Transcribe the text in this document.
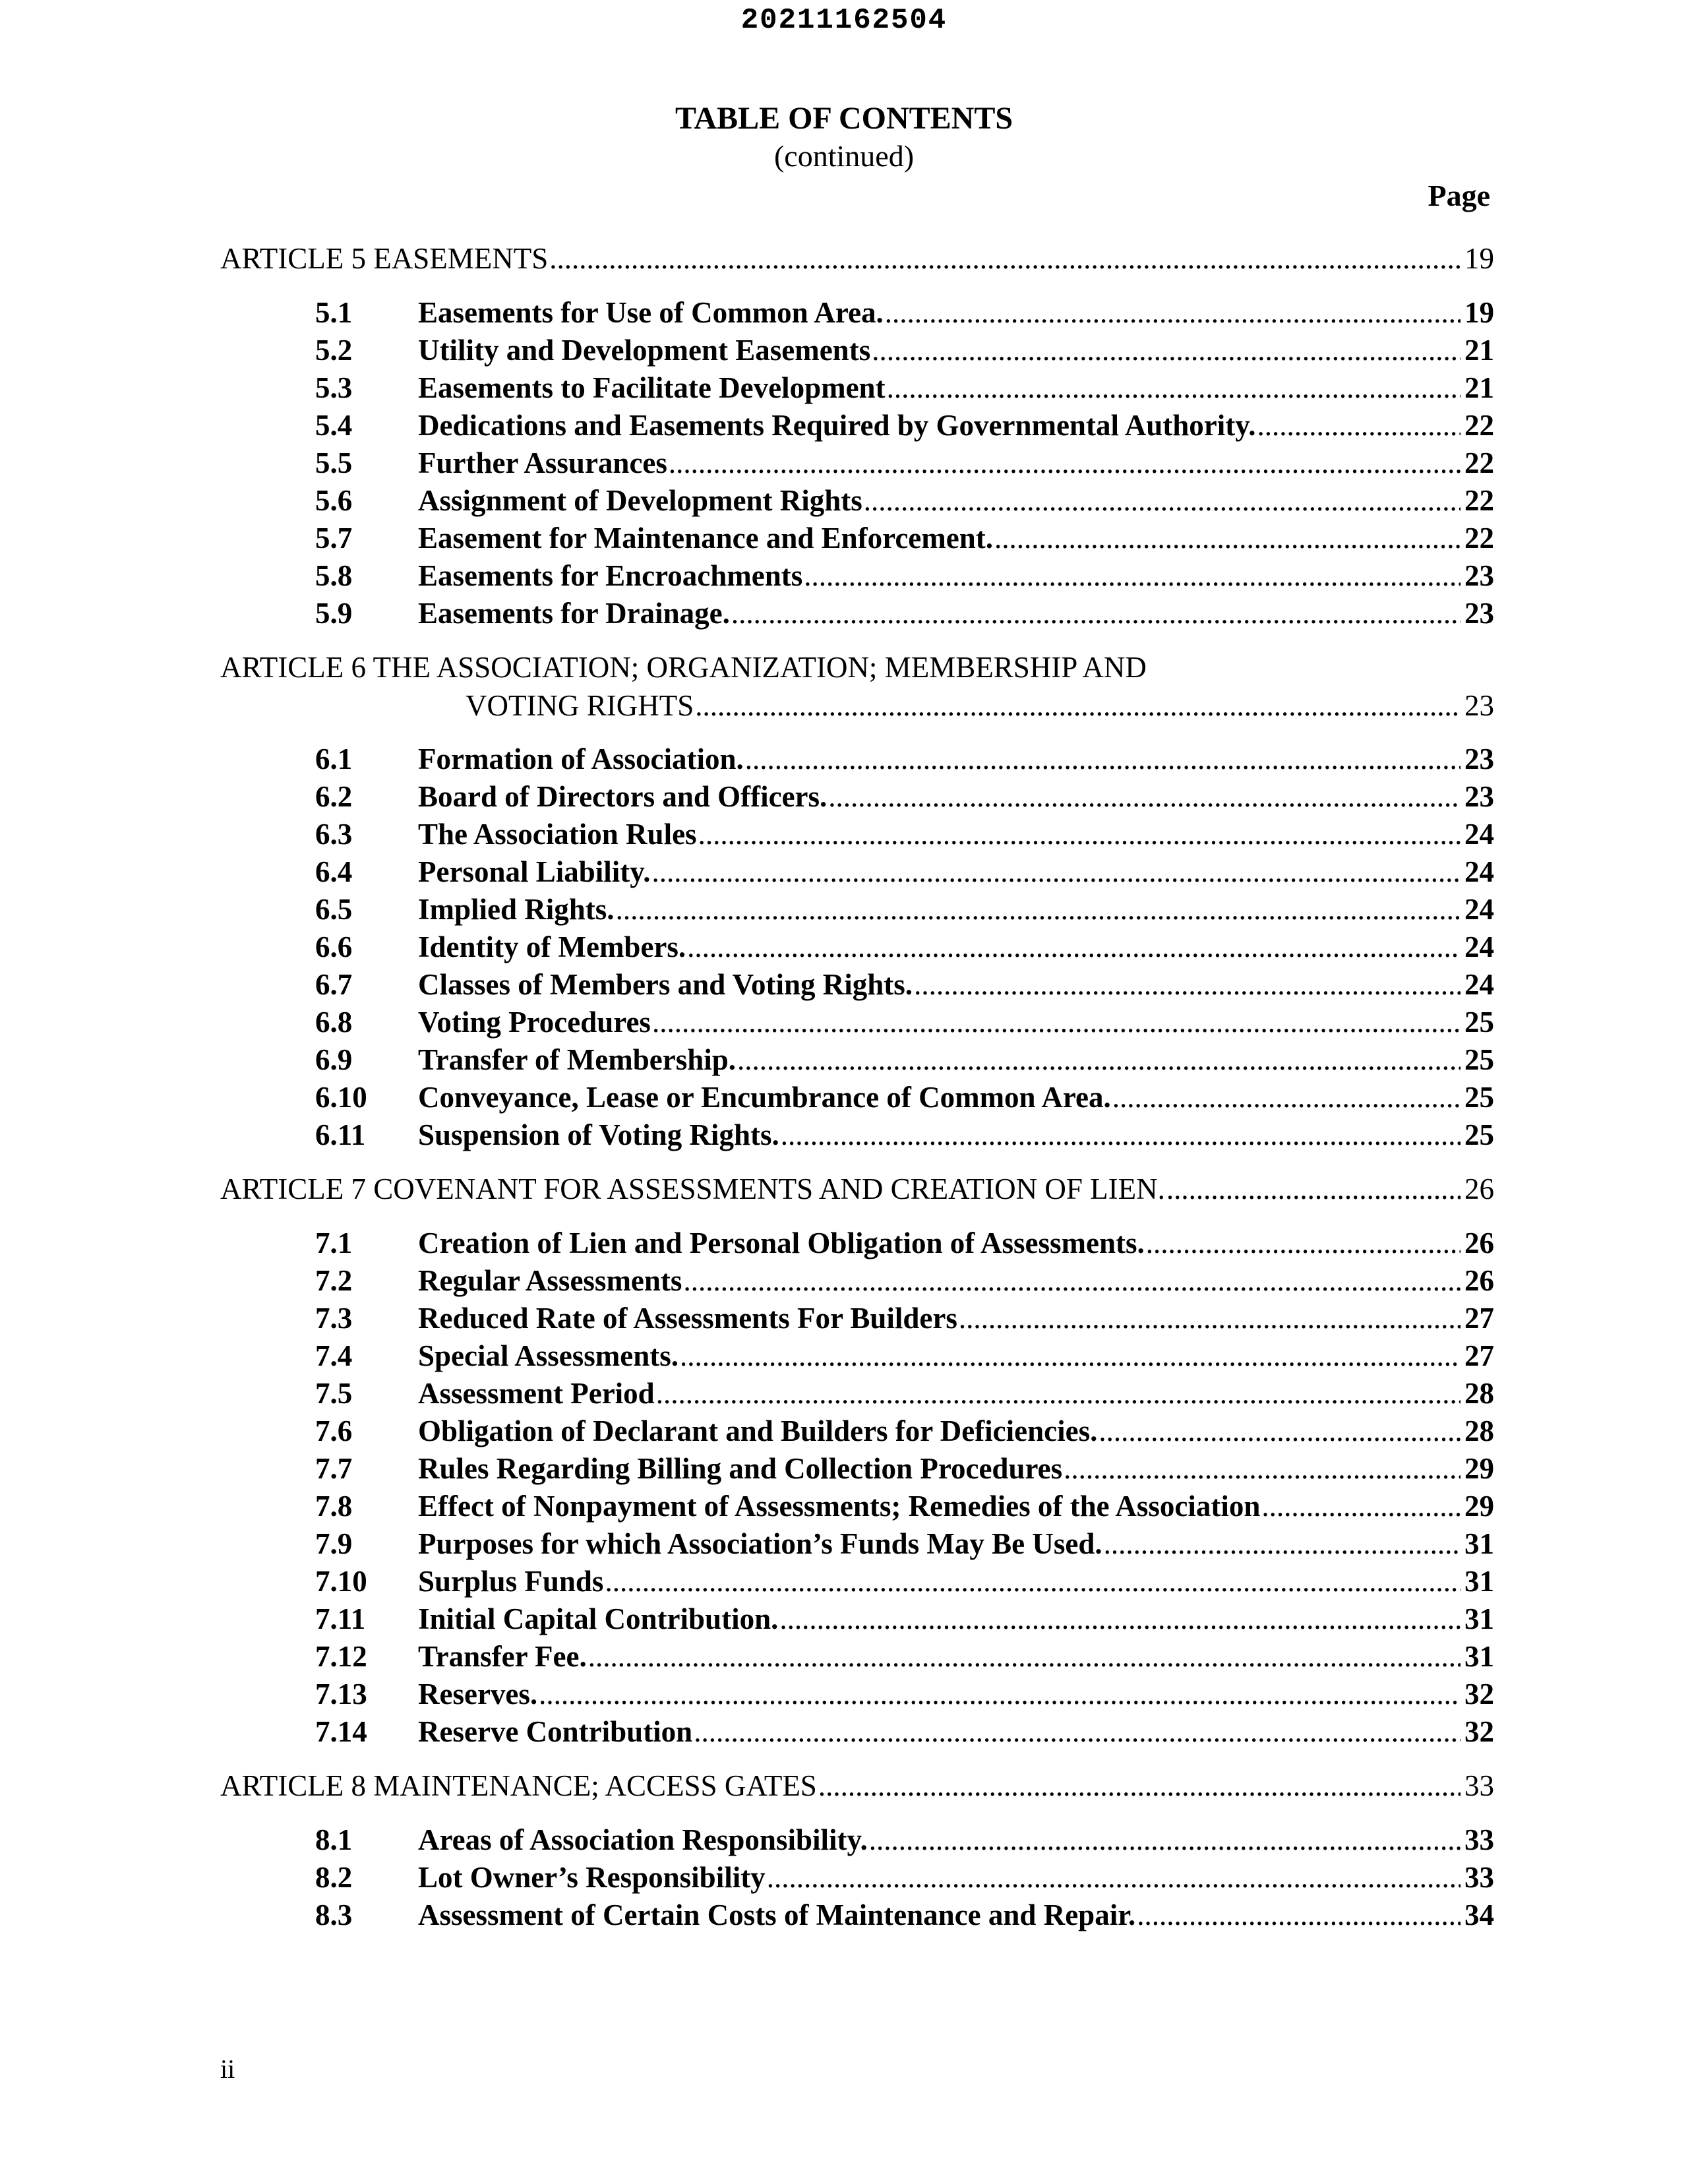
20211162504
TABLE OF CONTENTS
(continued)
Page
ARTICLE 5 EASEMENTS .....	19
5.1	Easements for Use of Common Area. .....	19
5.2	Utility and Development Easements .....	21
5.3	Easements to Facilitate Development .....	21
5.4	Dedications and Easements Required by Governmental Authority. .....	22
5.5	Further Assurances .....	22
5.6	Assignment of Development Rights .....	22
5.7	Easement for Maintenance and Enforcement. .....	22
5.8	Easements for Encroachments .....	23
5.9	Easements for Drainage. .....	23
ARTICLE 6 THE ASSOCIATION; ORGANIZATION; MEMBERSHIP AND
VOTING RIGHTS .....	23
6.1	Formation of Association. .....	23
6.2	Board of Directors and Officers. .....	23
6.3	The Association Rules .....	24
6.4	Personal Liability. .....	24
6.5	Implied Rights. .....	24
6.6	Identity of Members. .....	24
6.7	Classes of Members and Voting Rights. .....	24
6.8	Voting Procedures .....	25
6.9	Transfer of Membership. .....	25
6.10	Conveyance, Lease or Encumbrance of Common Area. .....	25
6.11	Suspension of Voting Rights. .....	25
ARTICLE 7 COVENANT FOR ASSESSMENTS AND CREATION OF LIEN. .....	26
7.1	Creation of Lien and Personal Obligation of Assessments. .....	26
7.2	Regular Assessments .....	26
7.3	Reduced Rate of Assessments For Builders .....	27
7.4	Special Assessments. .....	27
7.5	Assessment Period .....	28
7.6	Obligation of Declarant and Builders for Deficiencies. .....	28
7.7	Rules Regarding Billing and Collection Procedures .....	29
7.8	Effect of Nonpayment of Assessments; Remedies of the Association .....	29
7.9	Purposes for which Association’s Funds May Be Used. .....	31
7.10	Surplus Funds .....	31
7.11	Initial Capital Contribution. .....	31
7.12	Transfer Fee. .....	31
7.13	Reserves. .....	32
7.14	Reserve Contribution .....	32
ARTICLE 8 MAINTENANCE; ACCESS GATES .....	33
8.1	Areas of Association Responsibility. .....	33
8.2	Lot Owner’s Responsibility .....	33
8.3	Assessment of Certain Costs of Maintenance and Repair. .....	34
ii
